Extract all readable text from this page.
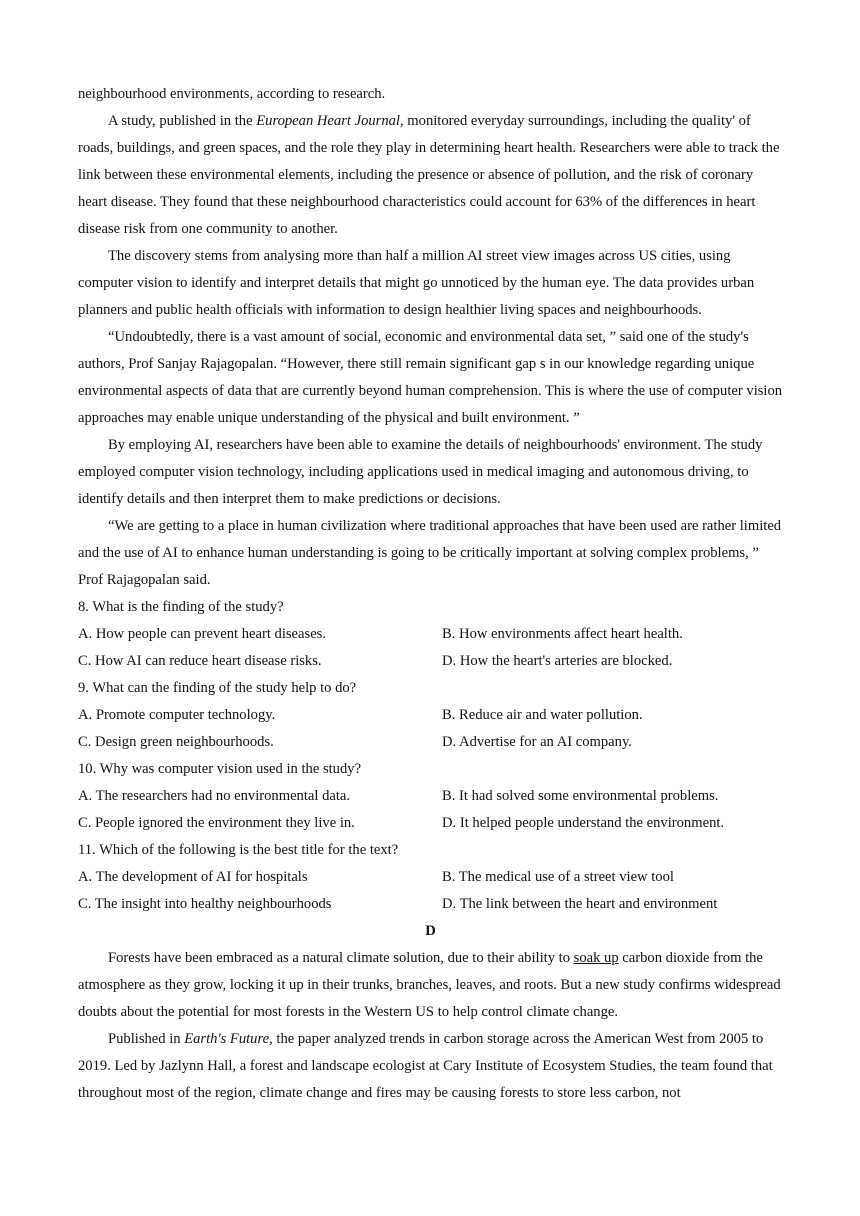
neighbourhood environments, according to research.

A study, published in the European Heart Journal, monitored everyday surroundings, including the quality' of roads, buildings, and green spaces, and the role they play in determining heart health. Researchers were able to track the link between these environmental elements, including the presence or absence of pollution, and the risk of coronary heart disease. They found that these neighbourhood characteristics could account for 63% of the differences in heart disease risk from one community to another.

The discovery stems from analysing more than half a million AI street view images across US cities, using computer vision to identify and interpret details that might go unnoticed by the human eye. The data provides urban planners and public health officials with information to design healthier living spaces and neighbourhoods.

“Undoubtedly, there is a vast amount of social, economic and environmental data set, ” said one of the study's authors, Prof Sanjay Rajagopalan. “However, there still remain significant gap s in our knowledge regarding unique environmental aspects of data that are currently beyond human comprehension. This is where the use of computer vision approaches may enable unique understanding of the physical and built environment. ”

By employing AI, researchers have been able to examine the details of neighbourhoods' environment. The study employed computer vision technology, including applications used in medical imaging and autonomous driving, to identify details and then interpret them to make predictions or decisions.

“We are getting to a place in human civilization where traditional approaches that have been used are rather limited and the use of AI to enhance human understanding is going to be critically important at solving complex problems, ” Prof Rajagopalan said.

8. What is the finding of the study?

A. How people can prevent heart diseases.	B. How environments affect heart health.
C. How AI can reduce heart disease risks.	D. How the heart's arteries are blocked.

9. What can the finding of the study help to do?

A. Promote computer technology.	B. Reduce air and water pollution.
C. Design green neighbourhoods.	D. Advertise for an AI company.

10. Why was computer vision used in the study?

A. The researchers had no environmental data.	B. It had solved some environmental problems.
C. People ignored the environment they live in.	D. It helped people understand the environment.

11. Which of the following is the best title for the text?

A. The development of AI for hospitals	B. The medical use of a street view tool
C. The insight into healthy neighbourhoods	D. The link between the heart and environment

D

Forests have been embraced as a natural climate solution, due to their ability to soak up carbon dioxide from the atmosphere as they grow, locking it up in their trunks, branches, leaves, and roots. But a new study confirms widespread doubts about the potential for most forests in the Western US to help control climate change.

Published in Earth's Future, the paper analyzed trends in carbon storage across the American West from 2005 to 2019. Led by Jazlynn Hall, a forest and landscape ecologist at Cary Institute of Ecosystem Studies, the team found that throughout most of the region, climate change and fires may be causing forests to store less carbon, not
